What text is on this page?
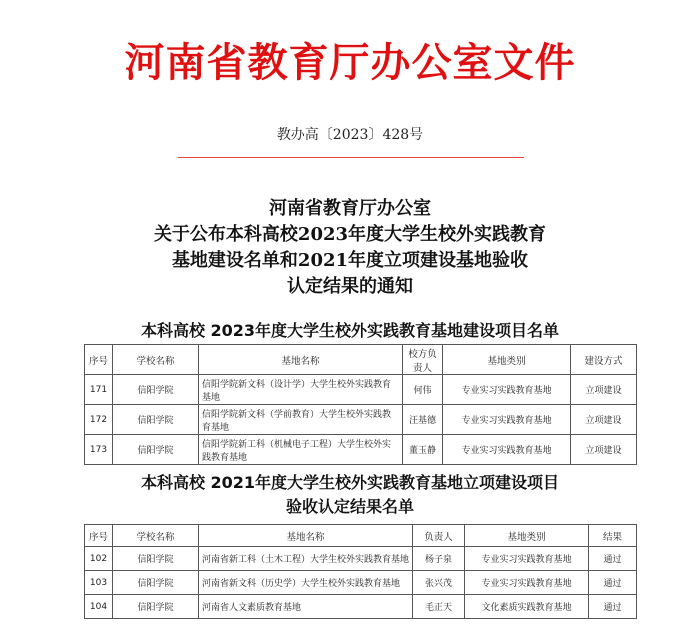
河南省教育厅办公室文件
教办高〔2023〕428号
河南省教育厅办公室
关于公布本科高校2023年度大学生校外实践教育
基地建设名单和2021年度立项建设基地验收
认定结果的通知
本科高校 2023年度大学生校外实践教育基地建设项目名单
序号	学校名称	基地名称	校方负责人	基地类别	建设方式
171	信阳学院	信阳学院新文科（设计学）大学生校外实践教育基地	何伟	专业实习实践教育基地	立项建设
172	信阳学院	信阳学院新文科（学前教育）大学生校外实践教育基地	汪基德	专业实习实践教育基地	立项建设
173	信阳学院	信阳学院新工科（机械电子工程）大学生校外实践教育基地	董玉静	专业实习实践教育基地	立项建设
本科高校 2021年度大学生校外实践教育基地立项建设项目
验收认定结果名单
序号	学校名称	基地名称	负责人	基地类别	结果
102	信阳学院	河南省新工科（土木工程）大学生校外实践教育基地	杨子泉	专业实习实践教育基地	通过
103	信阳学院	河南省新文科（历史学）大学生校外实践教育基地	张兴茂	专业实习实践教育基地	通过
104	信阳学院	河南省人文素质教育基地	毛正天	文化素质实践教育基地	通过
